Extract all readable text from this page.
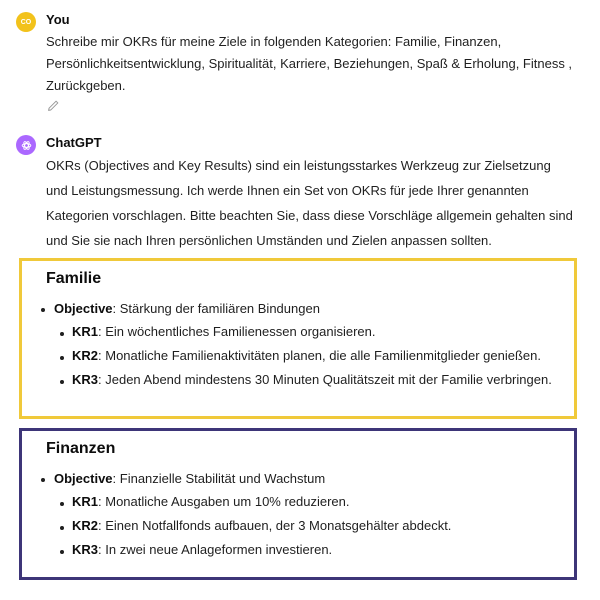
CO	You
Schreibe mir OKRs für meine Ziele in folgenden Kategorien: Familie, Finanzen, Persönlichkeitsentwicklung, Spiritualität, Karriere, Beziehungen, Spaß & Erholung, Fitness , Zurückgeben.
ChatGPT
OKRs (Objectives and Key Results) sind ein leistungsstarkes Werkzeug zur Zielsetzung und Leistungsmessung. Ich werde Ihnen ein Set von OKRs für jede Ihrer genannten Kategorien vorschlagen. Bitte beachten Sie, dass diese Vorschläge allgemein gehalten sind und Sie sie nach Ihren persönlichen Umständen und Zielen anpassen sollten.
Familie
Objective: Stärkung der familiären Bindungen
KR1: Ein wöchentliches Familienessen organisieren.
KR2: Monatliche Familienaktivitäten planen, die alle Familienmitglieder genießen.
KR3: Jeden Abend mindestens 30 Minuten Qualitätszeit mit der Familie verbringen.
Finanzen
Objective: Finanzielle Stabilität und Wachstum
KR1: Monatliche Ausgaben um 10% reduzieren.
KR2: Einen Notfallfonds aufbauen, der 3 Monatsgehälter abdeckt.
KR3: In zwei neue Anlageformen investieren.
